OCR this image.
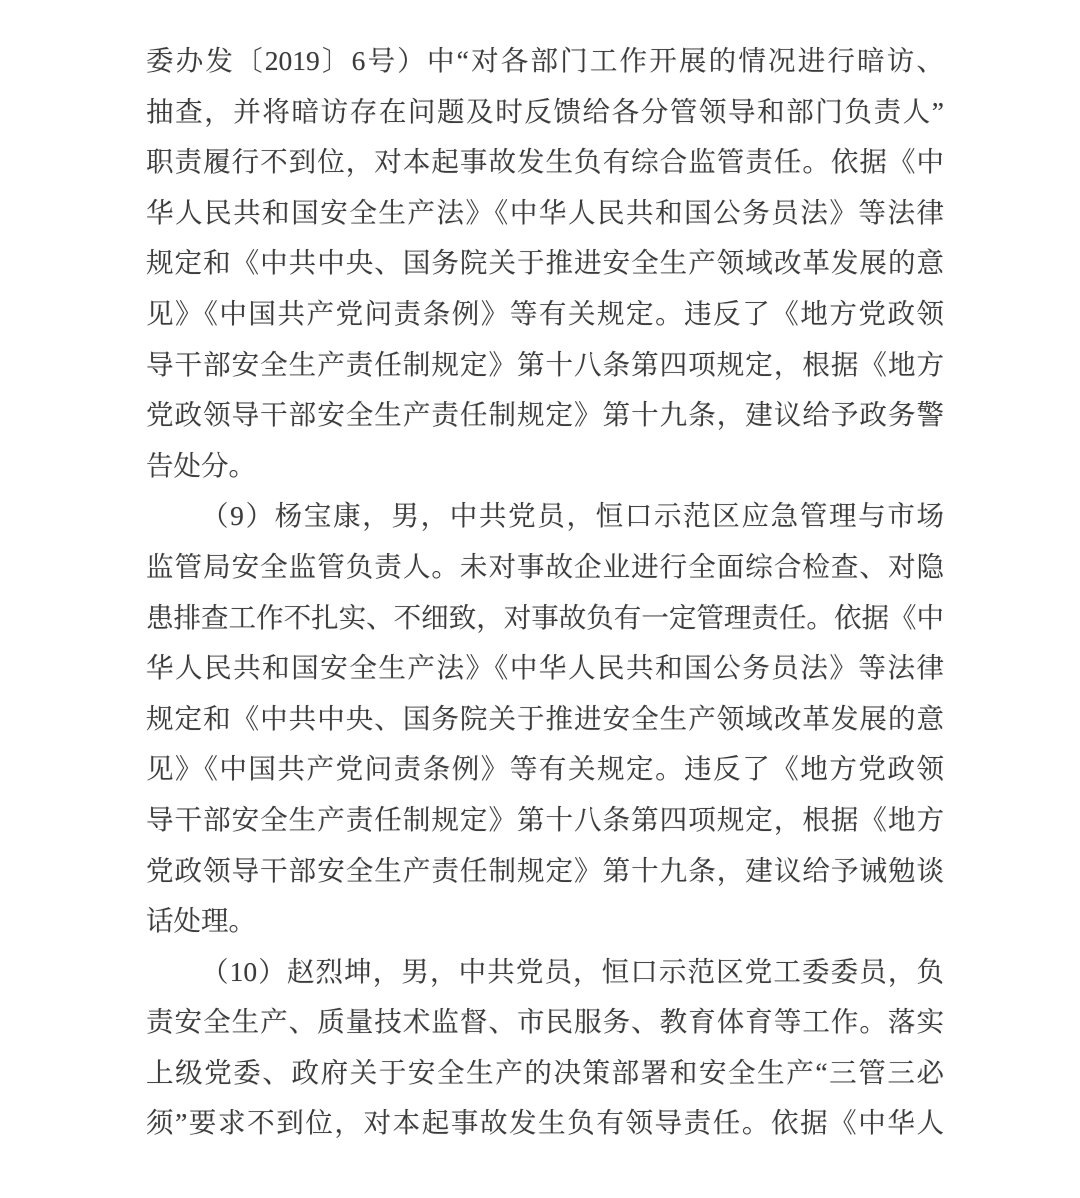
委办发〔2019〕6号）中“对各部门工作开展的情况进行暗访、
抽查，并将暗访存在问题及时反馈给各分管领导和部门负责人”
职责履行不到位，对本起事故发生负有综合监管责任。依据《中
华人民共和国安全生产法》《中华人民共和国公务员法》等法律
规定和《中共中央、国务院关于推进安全生产领域改革发展的意
见》《中国共产党问责条例》等有关规定。违反了《地方党政领
导干部安全生产责任制规定》第十八条第四项规定，根据《地方
党政领导干部安全生产责任制规定》第十九条，建议给予政务警
告处分。
（9）杨宝康，男，中共党员，恒口示范区应急管理与市场
监管局安全监管负责人。未对事故企业进行全面综合检查、对隐
患排查工作不扎实、不细致，对事故负有一定管理责任。依据《中
华人民共和国安全生产法》《中华人民共和国公务员法》等法律
规定和《中共中央、国务院关于推进安全生产领域改革发展的意
见》《中国共产党问责条例》等有关规定。违反了《地方党政领
导干部安全生产责任制规定》第十八条第四项规定，根据《地方
党政领导干部安全生产责任制规定》第十九条，建议给予诫勉谈
话处理。
（10）赵烈坤，男，中共党员，恒口示范区党工委委员，负
责安全生产、质量技术监督、市民服务、教育体育等工作。落实
上级党委、政府关于安全生产的决策部署和安全生产“三管三必
须”要求不到位，对本起事故发生负有领导责任。依据《中华人
